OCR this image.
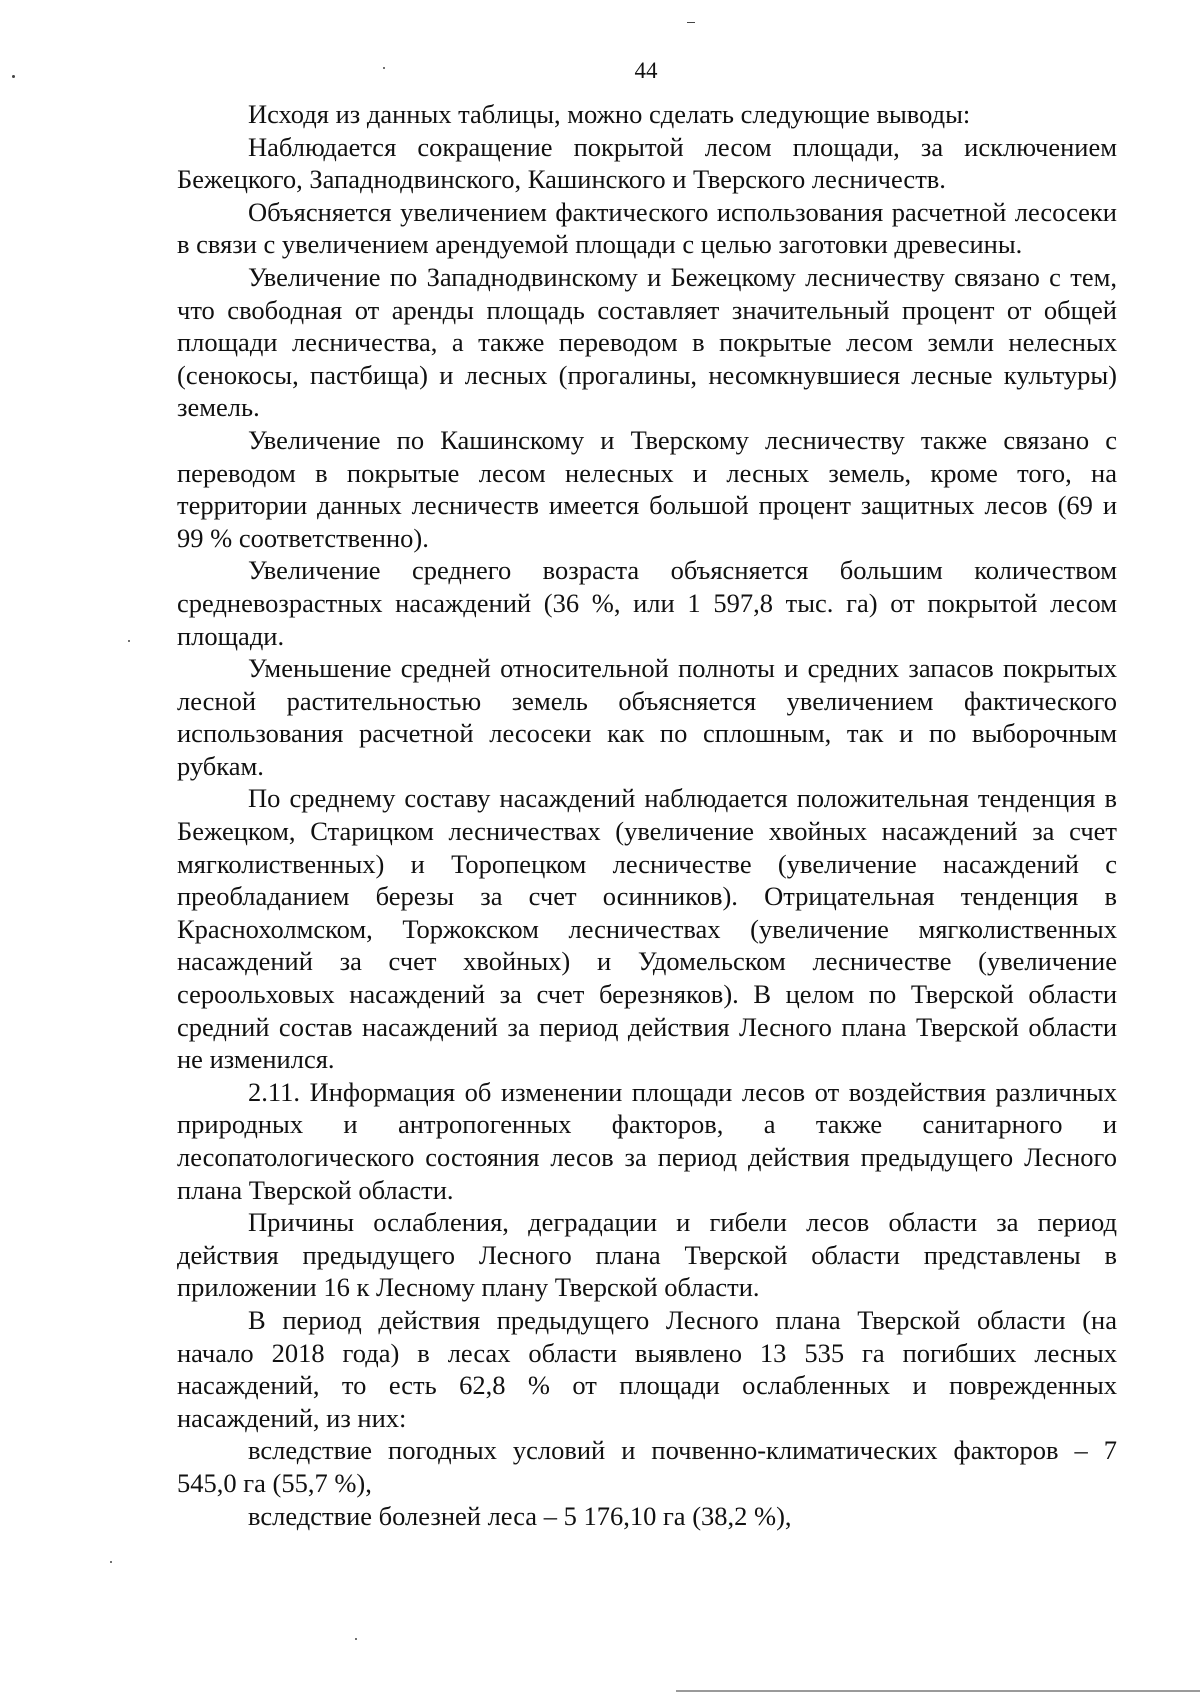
44

Исходя из данных таблицы, можно сделать следующие выводы:

Наблюдается сокращение покрытой лесом площади, за исключением Бежецкого, Западнодвинского, Кашинского и Тверского лесничеств.

Объясняется увеличением фактического использования расчетной лесосеки в связи с увеличением арендуемой площади с целью заготовки древесины.

Увеличение по Западнодвинскому и Бежецкому лесничеству связано с тем, что свободная от аренды площадь составляет значительный процент от общей площади лесничества, а также переводом в покрытые лесом земли нелесных (сенокосы, пастбища) и лесных (прогалины, несомкнувшиеся лесные культуры) земель.

Увеличение по Кашинскому и Тверскому лесничеству также связано с переводом в покрытые лесом нелесных и лесных земель, кроме того, на территории данных лесничеств имеется большой процент защитных лесов (69 и 99 % соответственно).

Увеличение среднего возраста объясняется большим количеством средневозрастных насаждений (36 %, или 1 597,8 тыс. га) от покрытой лесом площади.

Уменьшение средней относительной полноты и средних запасов покрытых лесной растительностью земель объясняется увеличением фактического использования расчетной лесосеки как по сплошным, так и по выборочным рубкам.

По среднему составу насаждений наблюдается положительная тенденция в Бежецком, Старицком лесничествах (увеличение хвойных насаждений за счет мягколиственных) и Торопецком лесничестве (увеличение насаждений с преобладанием березы за счет осинников). Отрицательная тенденция в Краснохолмском, Торжокском лесничествах (увеличение мягколиственных насаждений за счет хвойных) и Удомельском лесничестве (увеличение сероольховых насаждений за счет березняков). В целом по Тверской области средний состав насаждений за период действия Лесного плана Тверской области не изменился.

2.11. Информация об изменении площади лесов от воздействия различных природных и антропогенных факторов, а также санитарного и лесопатологического состояния лесов за период действия предыдущего Лесного плана Тверской области.

Причины ослабления, деградации и гибели лесов области за период действия предыдущего Лесного плана Тверской области представлены в приложении 16 к Лесному плану Тверской области.

В период действия предыдущего Лесного плана Тверской области (на начало 2018 года) в лесах области выявлено 13 535 га погибших лесных насаждений, то есть 62,8 % от площади ослабленных и поврежденных насаждений, из них:

вследствие погодных условий и почвенно-климатических факторов – 7 545,0 га (55,7 %),

вследствие болезней леса – 5 176,10 га (38,2 %),
